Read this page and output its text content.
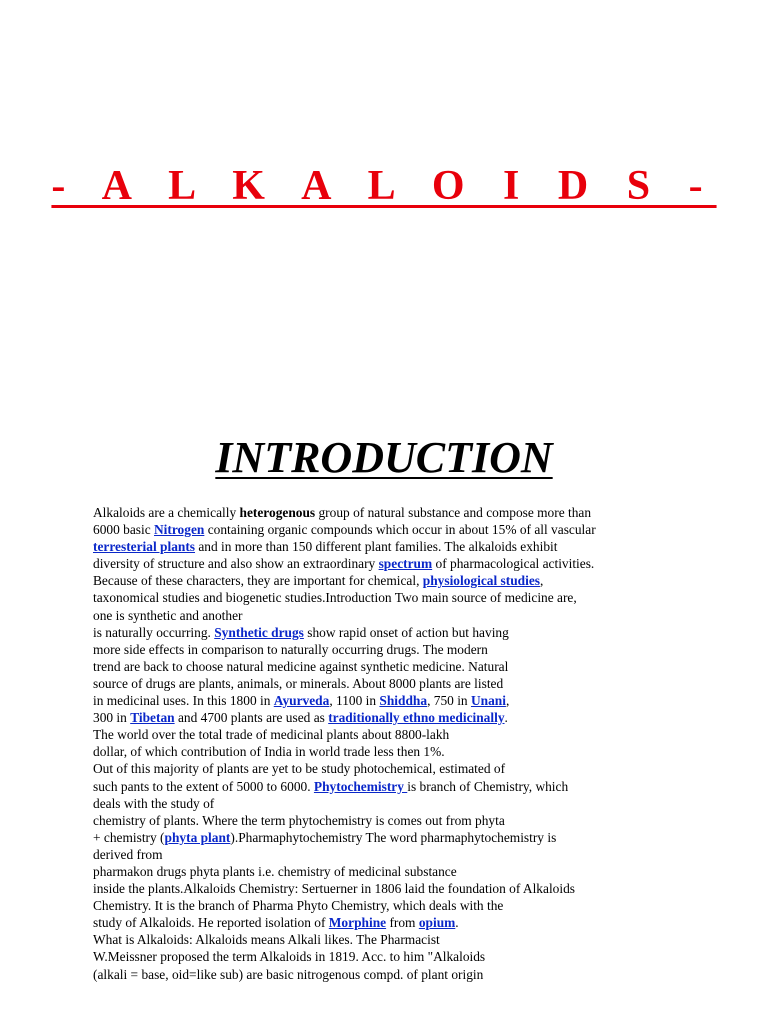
- A L K A L O I D S -
INTRODUCTION
Alkaloids are a chemically heterogenous group of natural substance and compose more than
6000 basic Nitrogen containing organic compounds which occur in about 15% of all vascular
terresterial plants and in more than 150 different plant families. The alkaloids exhibit
diversity of structure and also show an extraordinary spectrum of pharmacological activities.
Because of these characters, they are important for chemical, physiological studies,
taxonomical studies and biogenetic studies.Introduction Two main source of medicine are,
one is synthetic and another
is naturally occurring. Synthetic drugs show rapid onset of action but having
more side effects in comparison to naturally occurring drugs. The modern
trend are back to choose natural medicine against synthetic medicine. Natural
source of drugs are plants, animals, or minerals. About 8000 plants are listed
in medicinal uses. In this 1800 in Ayurveda, 1100 in Shiddha, 750 in Unani,
300 in Tibetan and 4700 plants are used as traditionally ethno medicinally.
The world over the total trade of medicinal plants about 8800-lakh
dollar, of which contribution of India in world trade less then 1%.
Out of this majority of plants are yet to be study photochemical, estimated of
such pants to the extent of 5000 to 6000. Phytochemistry is branch of Chemistry, which
deals with the study of
chemistry of plants. Where the term phytochemistry is comes out from phyta
+ chemistry (phyta plant).Pharmaphytochemistry The word pharmaphytochemistry is
derived from
pharmakon drugs phyta plants i.e. chemistry of medicinal substance
inside the plants.Alkaloids Chemistry: Sertuerner in 1806 laid the foundation of Alkaloids
Chemistry. It is the branch of Pharma Phyto Chemistry, which deals with the
study of Alkaloids. He reported isolation of Morphine from opium.
What is Alkaloids: Alkaloids means Alkali likes. The Pharmacist
W.Meissner proposed the term Alkaloids in 1819. Acc. to him "Alkaloids
(alkali = base, oid=like sub) are basic nitrogenous compd. of plant origin
